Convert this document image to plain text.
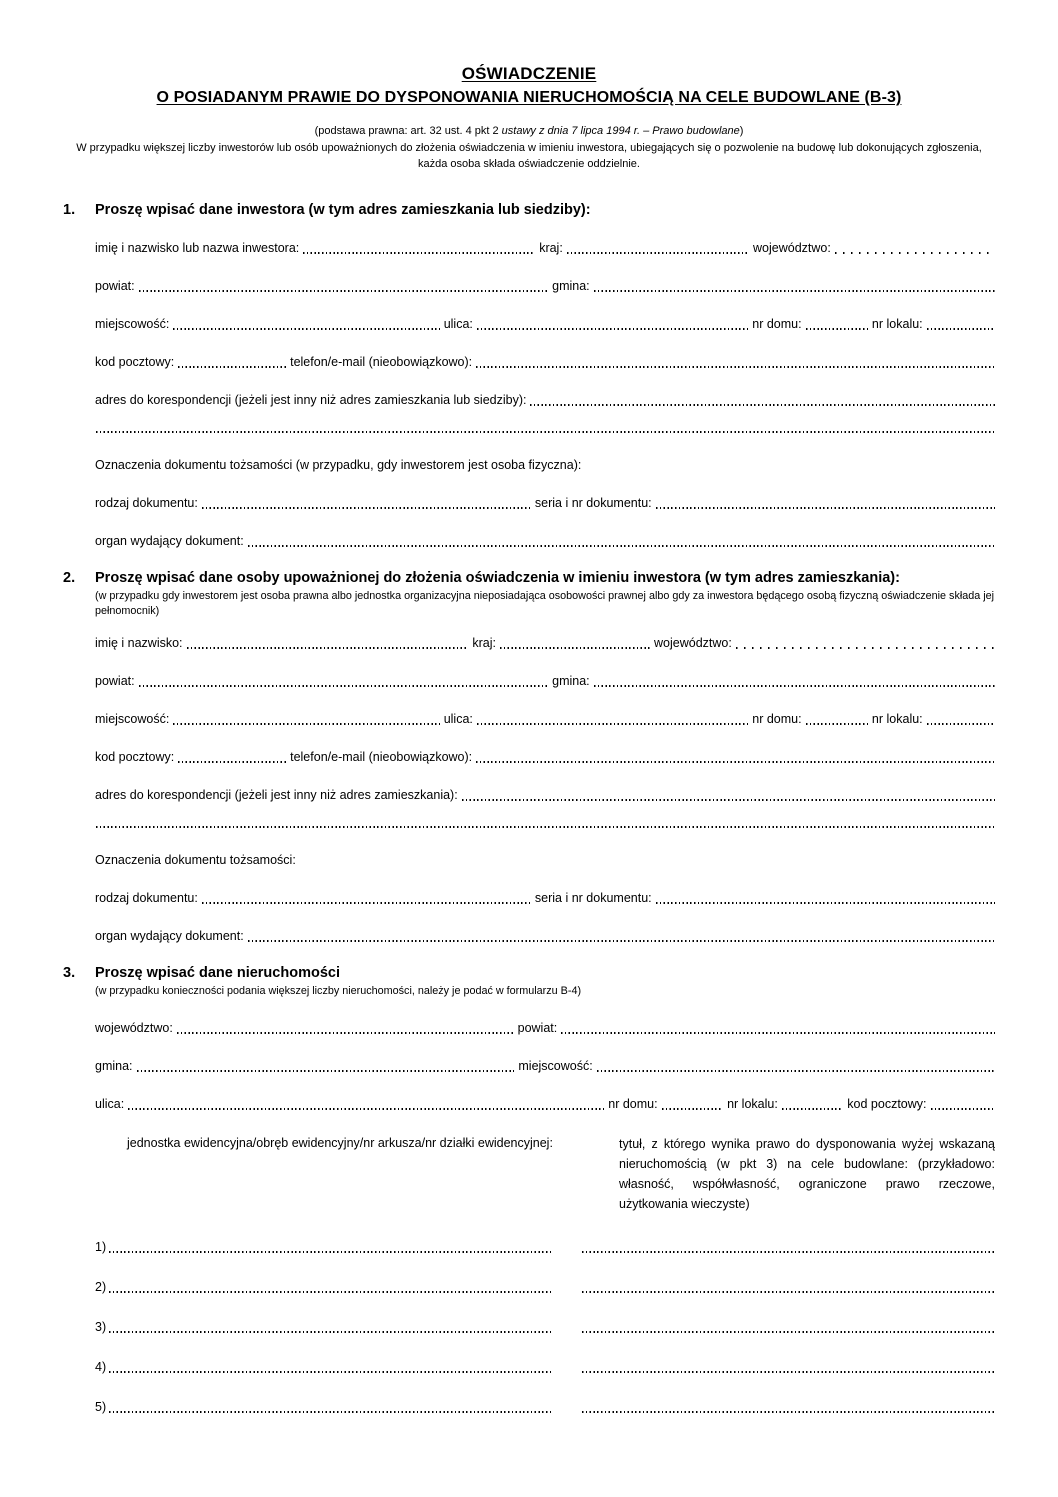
OŚWIADCZENIE
O POSIADANYM PRAWIE DO DYSPONOWANIA NIERUCHOMOŚCIĄ NA CELE BUDOWLANE (B-3)

(podstawa prawna: art. 32 ust. 4 pkt 2 ustawy z dnia 7 lipca 1994 r. – Prawo budowlane)

W przypadku większej liczby inwestorów lub osób upoważnionych do złożenia oświadczenia w imieniu inwestora, ubiegających się o pozwolenie na budowę lub dokonujących zgłoszenia, każda osoba składa oświadczenie oddzielnie.

1.	Proszę wpisać dane inwestora (w tym adres zamieszkania lub siedziby):
imię i nazwisko lub nazwa inwestora:	kraj:	województwo:
powiat:	gmina:
miejscowość:	ulica:	nr domu:	nr lokalu:
kod pocztowy:	telefon/e-mail (nieobowiązkowo):
adres do korespondencji (jeżeli jest inny niż adres zamieszkania lub siedziby):
Oznaczenia dokumentu tożsamości (w przypadku, gdy inwestorem jest osoba fizyczna):
rodzaj dokumentu:	seria i nr dokumentu:
organ wydający dokument:
2.	Proszę wpisać dane osoby upoważnionej do złożenia oświadczenia w imieniu inwestora (w tym adres zamieszkania):
(w przypadku gdy inwestorem jest osoba prawna albo jednostka organizacyjna nieposiadająca osobowości prawnej albo gdy za inwestora będącego osobą fizyczną oświadczenie składa jej pełnomocnik)
imię i nazwisko:	kraj:	województwo:
powiat:	gmina:
miejscowość:	ulica:	nr domu:	nr lokalu:
kod pocztowy:	telefon/e-mail (nieobowiązkowo):
adres do korespondencji (jeżeli jest inny niż adres zamieszkania):
Oznaczenia dokumentu tożsamości:
rodzaj dokumentu:	seria i nr dokumentu:
organ wydający dokument:
3.	Proszę wpisać dane nieruchomości
(w przypadku konieczności podania większej liczby nieruchomości, należy je podać w formularzu B-4)
województwo:	powiat:
gmina:	miejscowość:
ulica:	nr domu:	nr lokalu:	kod pocztowy:
jednostka ewidencyjna/obręb ewidencyjny/nr arkusza/nr działki ewidencyjnej:	tytuł, z którego wynika prawo do dysponowania wyżej wskazaną nieruchomością (w pkt 3) na cele budowlane: (przykładowo: własność, współwłasność, ograniczone prawo rzeczowe, użytkowania wieczyste)
1)
2)
3)
4)
5)
